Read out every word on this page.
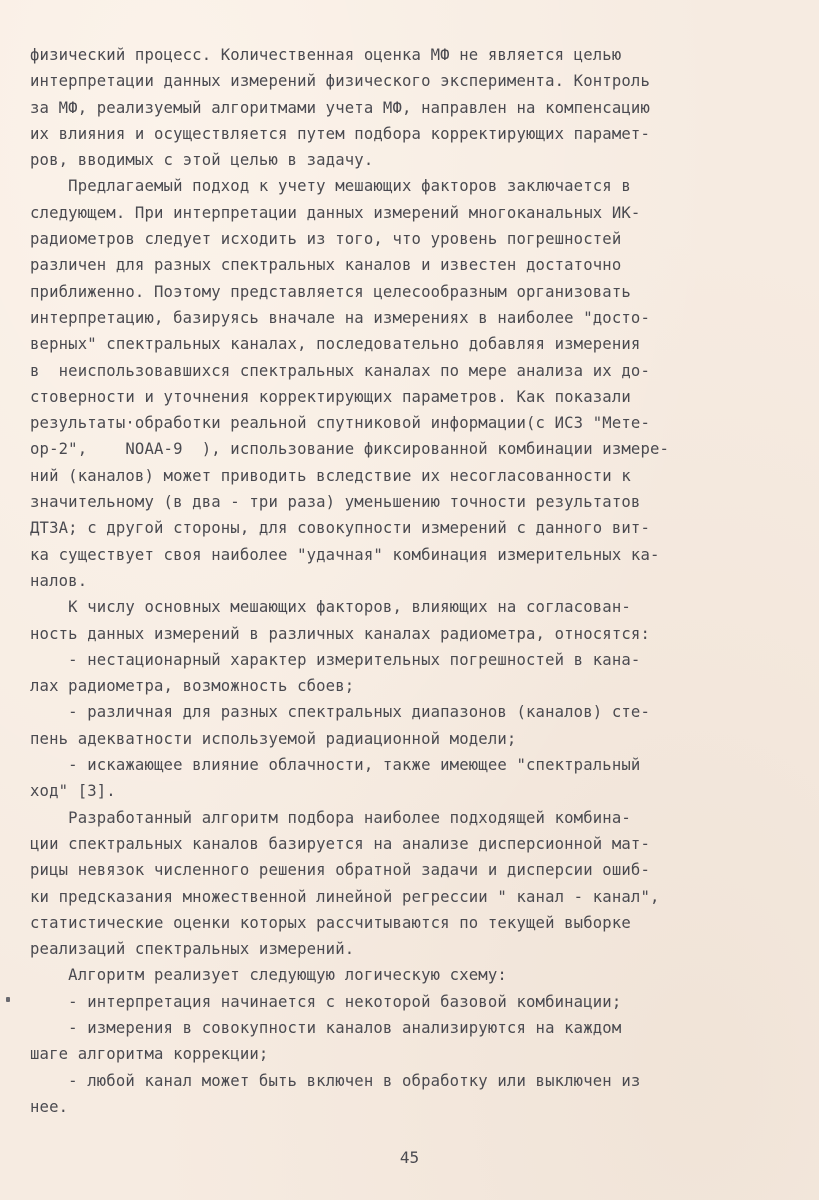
физический процесс. Количественная оценка МФ не является целью
интерпретации данных измерений физического эксперимента. Контроль
за МФ, реализуемый алгоритмами учета МФ, направлен на компенсацию
их влияния и осуществляется путем подбора корректирующих парамет-
ров, вводимых с этой целью в задачу.
Предлагаемый подход к учету мешающих факторов заключается в
следующем. При интерпретации данных измерений многоканальных ИК-
радиометров следует исходить из того, что уровень погрешностей
различен для разных спектральных каналов и известен достаточно
приближенно. Поэтому представляется целесообразным организовать
интерпретацию, базируясь вначале на измерениях в наиболее "досто-
верных" спектральных каналах, последовательно добавляя измерения
в  неиспользовавшихся спектральных каналах по мере анализа их до-
стоверности и уточнения корректирующих параметров. Как показали
результаты·обработки реальной спутниковой информации(с ИСЗ "Мете-
ор-2",    NOAA-9  ), использование фиксированной комбинации измере-
ний (каналов) может приводить вследствие их несогласованности к
значительному (в два - три раза) уменьшению точности результатов
ДТЗА; с другой стороны, для совокупности измерений с данного вит-
ка существует своя наиболее "удачная" комбинация измерительных ка-
налов.
К числу основных мешающих факторов, влияющих на согласован-
ность данных измерений в различных каналах радиометра, относятся:
- нестационарный характер измерительных погрешностей в кана-
лах радиометра, возможность сбоев;
- различная для разных спектральных диапазонов (каналов) сте-
пень адекватности используемой радиационной модели;
- искажающее влияние облачности, также имеющее "спектральный
ход" [3].
Разработанный алгоритм подбора наиболее подходящей комбина-
ции спектральных каналов базируется на анализе дисперсионной мат-
рицы невязок численного решения обратной задачи и дисперсии ошиб-
ки предсказания множественной линейной регрессии " канал - канал",
статистические оценки которых рассчитываются по текущей выборке
реализаций спектральных измерений.
Алгоритм реализует следующую логическую схему:
- интерпретация начинается с некоторой базовой комбинации;
- измерения в совокупности каналов анализируются на каждом
шаге алгоритма коррекции;
- любой канал может быть включен в обработку или выключен из
нее.
45
